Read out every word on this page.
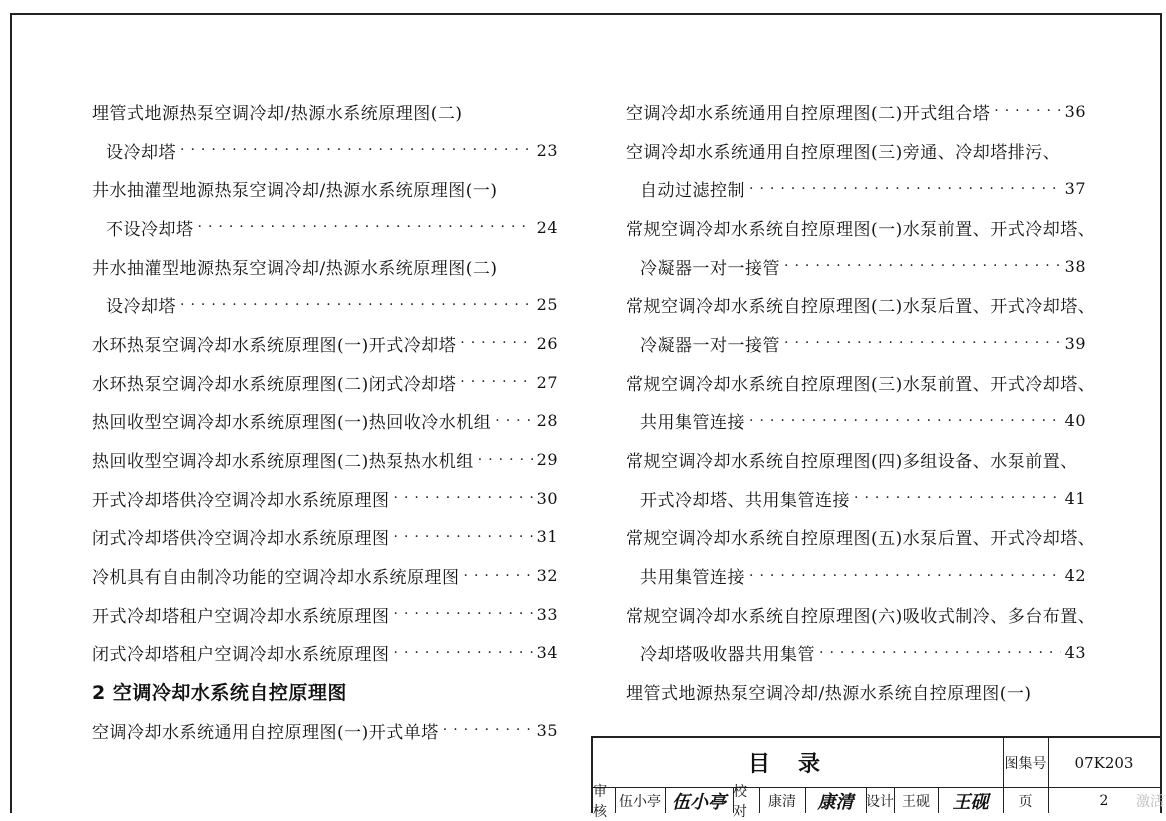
埋管式地源热泵空调冷却/热源水系统原理图(二)
设冷却塔 ·····	23
井水抽灌型地源热泵空调冷却/热源水系统原理图(一)
不设冷却塔 ·····	24
井水抽灌型地源热泵空调冷却/热源水系统原理图(二)
设冷却塔 ·····	25
水环热泵空调冷却水系统原理图(一)开式冷却塔 ·····	26
水环热泵空调冷却水系统原理图(二)闭式冷却塔 ·····	27
热回收型空调冷却水系统原理图(一)热回收冷水机组 ·····	28
热回收型空调冷却水系统原理图(二)热泵热水机组 ·····	29
开式冷却塔供冷空调冷却水系统原理图 ·····	30
闭式冷却塔供冷空调冷却水系统原理图 ·····	31
冷机具有自由制冷功能的空调冷却水系统原理图 ·····	32
开式冷却塔租户空调冷却水系统原理图 ·····	33
闭式冷却塔租户空调冷却水系统原理图 ·····	34
2 空调冷却水系统自控原理图
空调冷却水系统通用自控原理图(一)开式单塔 ·····	35
空调冷却水系统通用自控原理图(二)开式组合塔 ·····	36
空调冷却水系统通用自控原理图(三)旁通、冷却塔排污、
自动过滤控制 ·····	37
常规空调冷却水系统自控原理图(一)水泵前置、开式冷却塔、
冷凝器一对一接管 ·····	38
常规空调冷却水系统自控原理图(二)水泵后置、开式冷却塔、
冷凝器一对一接管 ·····	39
常规空调冷却水系统自控原理图(三)水泵前置、开式冷却塔、
共用集管连接 ·····	40
常规空调冷却水系统自控原理图(四)多组设备、水泵前置、
开式冷却塔、共用集管连接 ·····	41
常规空调冷却水系统自控原理图(五)水泵后置、开式冷却塔、
共用集管连接 ·····	42
常规空调冷却水系统自控原理图(六)吸收式制冷、多台布置、
冷却塔吸收器共用集管 ·····	43
埋管式地源热泵空调冷却/热源水系统自控原理图(一)
目录	图集号	07K203
审核
伍小亭 伍小亭 校对
康清	康清 设计 王砚	王砚	页	2	激活
